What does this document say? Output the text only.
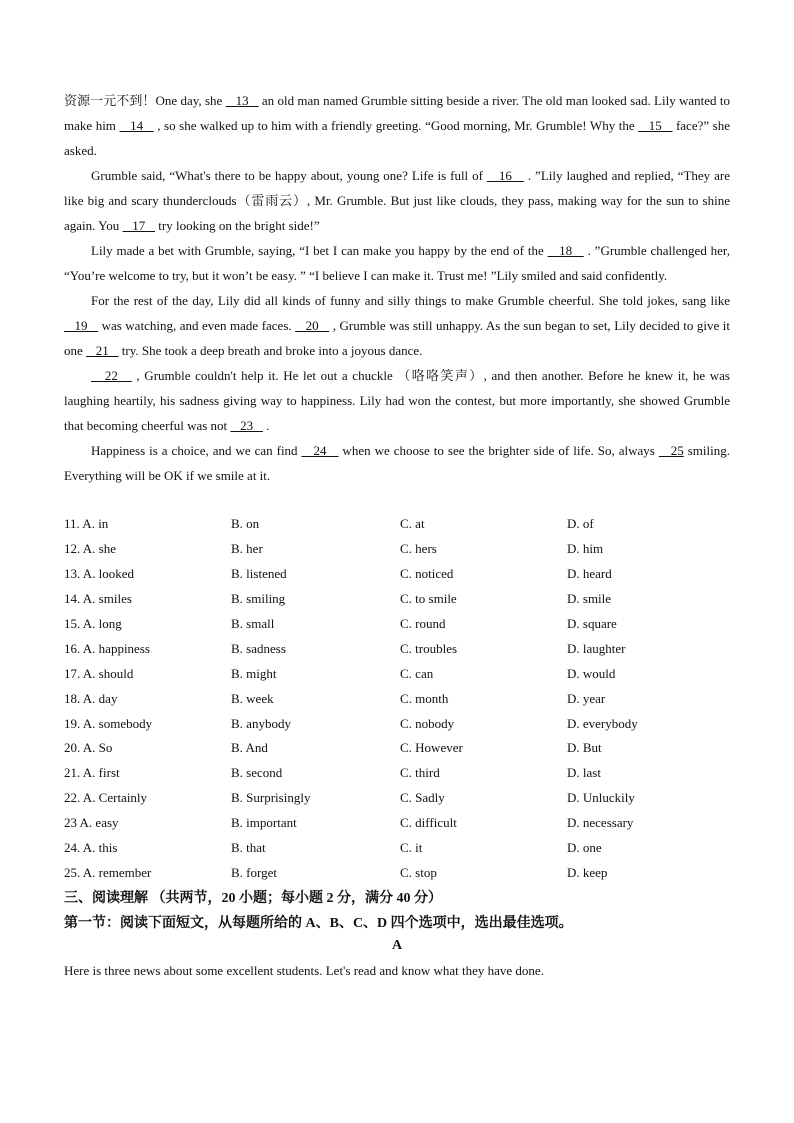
资源一元不到！One day, she    13    an old man named Grumble sitting beside a river. The old man looked sad. Lily wanted to make him    14    , so she walked up to him with a friendly greeting. “Good morning, Mr. Grumble! Why the    15    face?” she asked.

Grumble said, “What's there to be happy about, young one? Life is full of    16    . ”Lily laughed and replied, “They are like big and scary thunderclouds（雷雨云）, Mr. Grumble. But just like clouds, they pass, making way for the sun to shine again. You    17    try looking on the bright side!”

Lily made a bet with Grumble, saying, “I bet I can make you happy by the end of the    18    . ”Grumble challenged her, “You’re welcome to try, but it won’t be easy. ” “I believe I can make it. Trust me! ”Lily smiled and said confidently.

For the rest of the day, Lily did all kinds of funny and silly things to make Grumble cheerful. She told jokes, sang like    19    was watching, and even made faces.    20    , Grumble was still unhappy. As the sun began to set, Lily decided to give it one    21    try. She took a deep breath and broke into a joyous dance.

22    , Grumble couldn't help it. He let out a chuckle （咯咯笑声）, and then another. Before he knew it, he was laughing heartily, his sadness giving way to happiness. Lily had won the contest, but more importantly, she showed Grumble that becoming cheerful was not    23    .

Happiness is a choice, and we can find    24    when we choose to see the brighter side of life. So, always    25 smiling. Everything will be OK if we smile at it.

11. A. in	B. on	C. at	D. of
12. A. she	B. her	C. hers	D. him
13. A. looked	B. listened	C. noticed	D. heard
14. A. smiles	B. smiling	C. to smile	D. smile
15. A. long	B. small	C. round	D. square
16. A. happiness	B. sadness	C. troubles	D. laughter
17. A. should	B. might	C. can	D. would
18. A. day	B. week	C. month	D. year
19. A. somebody	B. anybody	C. nobody	D. everybody
20. A. So	B. And	C. However	D. But
21. A. first	B. second	C. third	D. last
22. A. Certainly	B. Surprisingly	C. Sadly	D. Unluckily
23 A. easy	B. important	C. difficult	D. necessary
24. A. this	B. that	C. it	D. one
25. A. remember	B. forget	C. stop	D. keep
三、阅读理解 （共两节，20 小题；每小题 2 分，满分 40 分）
第一节：阅读下面短文，从每题所给的 A、B、C、D 四个选项中，选出最佳选项。
A
Here is three news about some excellent students. Let's read and know what they have done.
